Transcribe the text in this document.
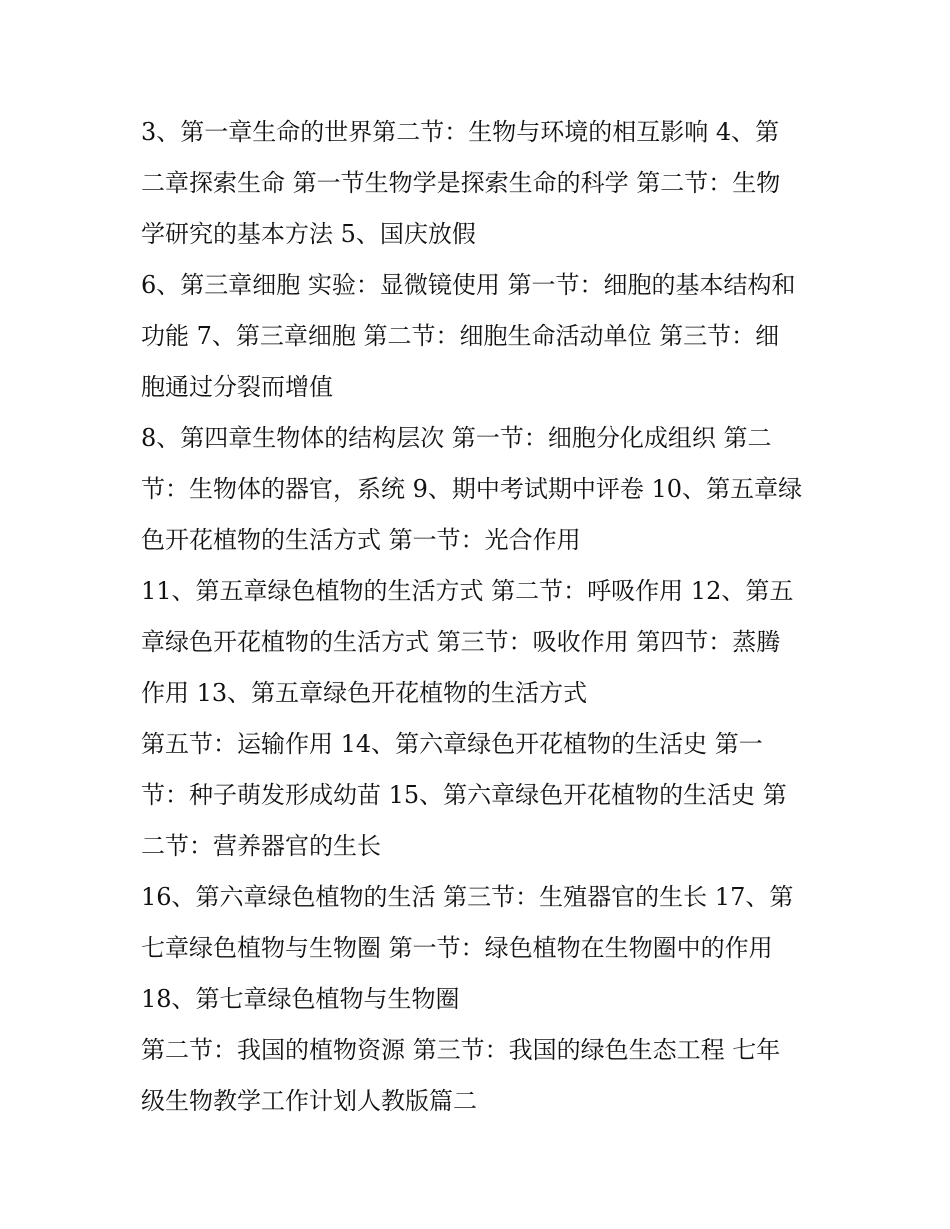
3、第一章生命的世界第二节：生物与环境的相互影响 4、第
二章探索生命 第一节生物学是探索生命的科学 第二节：生物
学研究的基本方法 5、国庆放假
6、第三章细胞 实验：显微镜使用 第一节：细胞的基本结构和
功能 7、第三章细胞 第二节：细胞生命活动单位 第三节：细
胞通过分裂而增值
8、第四章生物体的结构层次 第一节：细胞分化成组织 第二
节：生物体的器官，系统 9、期中考试期中评卷 10、第五章绿
色开花植物的生活方式 第一节：光合作用
11、第五章绿色植物的生活方式 第二节：呼吸作用 12、第五
章绿色开花植物的生活方式 第三节：吸收作用 第四节：蒸腾
作用 13、第五章绿色开花植物的生活方式
第五节：运输作用 14、第六章绿色开花植物的生活史 第一
节：种子萌发形成幼苗 15、第六章绿色开花植物的生活史 第
二节：营养器官的生长
16、第六章绿色植物的生活 第三节：生殖器官的生长 17、第
七章绿色植物与生物圈 第一节：绿色植物在生物圈中的作用
18、第七章绿色植物与生物圈
第二节：我国的植物资源 第三节：我国的绿色生态工程 七年
级生物教学工作计划人教版篇二
